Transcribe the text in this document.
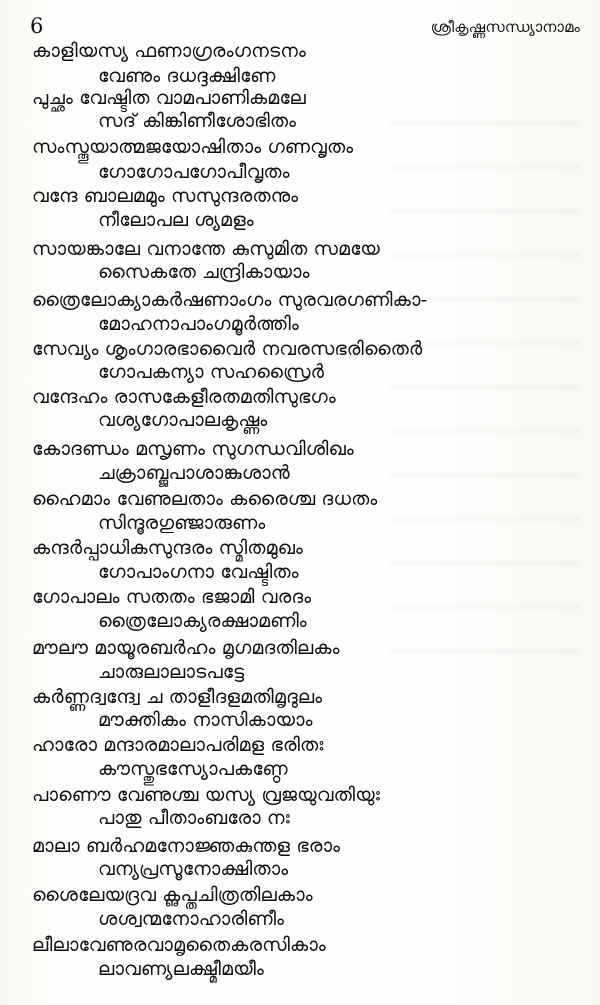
6	ശ്രീകൃഷ്ണസന്ധ്യാനാമം
കാളിയസ്യ ഫണാഗ്രരംഗനടനം
വേണും ദധദ്ദക്ഷിണേ
പുച്ഛം വേഷ്ടിത വാമപാണികമലേ
സദ് കിങ്കിണീശോഭിതം
സംസ്തൂയാത്മജയോഷിതാം ഗണവൃതം
ഗോഗോപഗോപീവൃതം
വന്ദേ ബാലമമും സസുന്ദരതനും
നീലോപല ശ്യമളം
സായങ്കാലേ വനാന്തേ കുസുമിത സമയേ
സൈകതേ ചന്ദ്രികായാം
ത്രൈലോക്യാകർഷണാംഗം സുരവരഗണികാ-
മോഹനാപാംഗമൂർത്തിം
സേവ്യം ശൃംഗാരഭാവൈർ നവരസഭരിതൈർ
ഗോപകന്യാ സഹസ്രൈർ
വന്ദേഹം രാസകേളീരതമതിസുഭഗം
വശ്യഗോപാലകൃഷ്ണം
കോദണ്ഡം മസൃണം സുഗന്ധവിശിഖം
ചക്രാബ്ജപാശാങ്കുശാൻ
ഹൈമാം വേണുലതാം കരൈശ്ച ദധതം
സിന്ദൂരഗുഞ്ജാരുണം
കന്ദർപ്പാധികസുന്ദരം സ്മിതമുഖം
ഗോപാംഗനാ വേഷ്ടിതം
ഗോപാലം സതതം ഭജാമി വരദം
ത്രൈലോക്യരക്ഷാമണിം
മൗലൗ മായൂരബർഹം മൃഗമദതിലകം
ചാരുലാലാടപട്ടേ
കർണ്ണദ്വന്ദ്വേ ച താളീദളമതിമൃദുലം
മൗക്തികം നാസികായാം
ഹാരോ മന്ദാരമാലാപരിമള ഭരിതഃ
കൗസ്തുഭസ്യോപകണ്ഠേ
പാണൌ വേണുശ്ച യസ്യ വ്രജയുവതിയുഃ
പാതു പീതാംബരോ നഃ
മാലാ ബർഹമനോജ്ഞകുന്തള ഭരാം
വന്യപ്രസൂനോക്ഷിതാം
ശൈലേയദ്രവ കൢപ്തചിത്രതിലകാം
ശശ്വന്മനോഹാരിണീം
ലീലാവേണുരവാമൃതൈകരസികാം
ലാവണ്യലക്ഷ്മീമയീം
